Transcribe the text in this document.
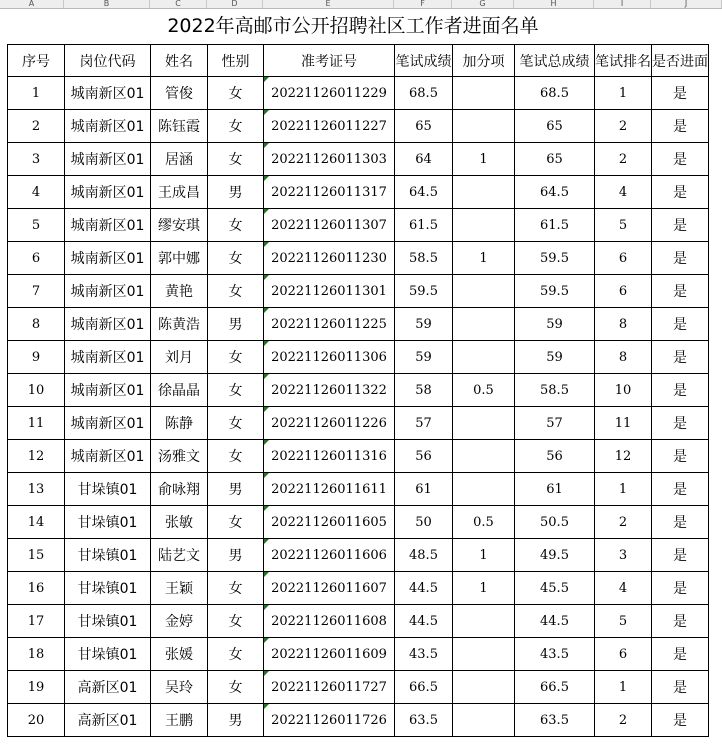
A	B	C	D	E	F	G	H	I	J
2022年高邮市公开招聘社区工作者进面名单
序号	岗位代码	姓名	性别	准考证号	笔试成绩	加分项	笔试总成绩	笔试排名	是否进面
1	城南新区01	管俊	女	20221126011229	68.5		68.5	1	是
2	城南新区01	陈钰霞	女	20221126011227	65		65	2	是
3	城南新区01	居涵	女	20221126011303	64	1	65	2	是
4	城南新区01	王成昌	男	20221126011317	64.5		64.5	4	是
5	城南新区01	缪安琪	女	20221126011307	61.5		61.5	5	是
6	城南新区01	郭中娜	女	20221126011230	58.5	1	59.5	6	是
7	城南新区01	黄艳	女	20221126011301	59.5		59.5	6	是
8	城南新区01	陈黄浩	男	20221126011225	59		59	8	是
9	城南新区01	刘月	女	20221126011306	59		59	8	是
10	城南新区01	徐晶晶	女	20221126011322	58	0.5	58.5	10	是
11	城南新区01	陈静	女	20221126011226	57		57	11	是
12	城南新区01	汤雅文	女	20221126011316	56		56	12	是
13	甘垛镇01	俞咏翔	男	20221126011611	61		61	1	是
14	甘垛镇01	张敏	女	20221126011605	50	0.5	50.5	2	是
15	甘垛镇01	陆艺文	男	20221126011606	48.5	1	49.5	3	是
16	甘垛镇01	王颖	女	20221126011607	44.5	1	45.5	4	是
17	甘垛镇01	金婷	女	20221126011608	44.5		44.5	5	是
18	甘垛镇01	张媛	女	20221126011609	43.5		43.5	6	是
19	高新区01	吴玲	女	20221126011727	66.5		66.5	1	是
20	高新区01	王鹏	男	20221126011726	63.5		63.5	2	是
